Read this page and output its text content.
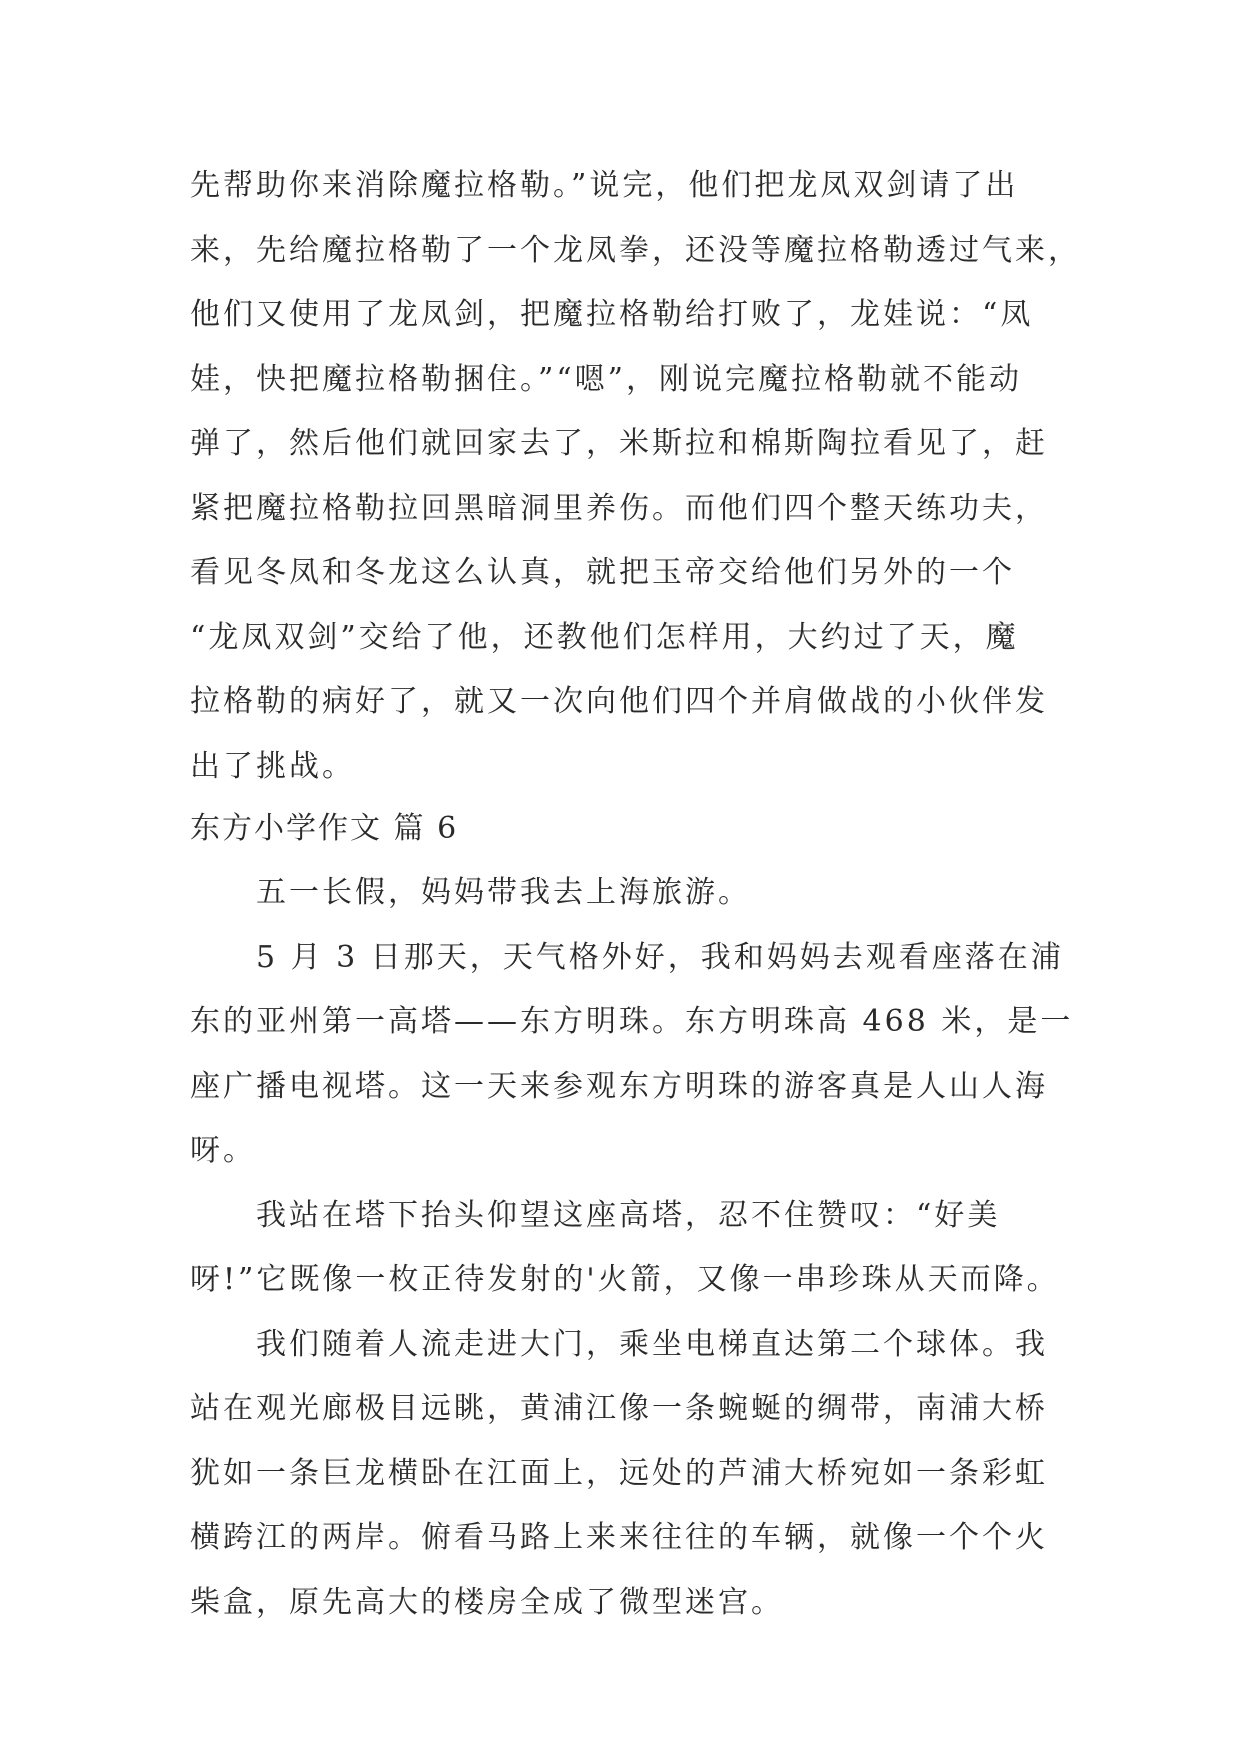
先帮助你来消除魔拉格勒。”说完，他们把龙凤双剑请了出
来，先给魔拉格勒了一个龙凤拳，还没等魔拉格勒透过气来，
他们又使用了龙凤剑，把魔拉格勒给打败了，龙娃说：“凤
娃，快把魔拉格勒捆住。”“嗯”，刚说完魔拉格勒就不能动
弹了，然后他们就回家去了，米斯拉和棉斯陶拉看见了，赶
紧把魔拉格勒拉回黑暗洞里养伤。而他们四个整天练功夫，
看见冬凤和冬龙这么认真，就把玉帝交给他们另外的一个
“龙凤双剑”交给了他，还教他们怎样用，大约过了天，魔
拉格勒的病好了，就又一次向他们四个并肩做战的小伙伴发
出了挑战。
东方小学作文 篇 6
　　五一长假，妈妈带我去上海旅游。
　　5 月 3 日那天，天气格外好，我和妈妈去观看座落在浦
东的亚州第一高塔——东方明珠。东方明珠高 468 米，是一
座广播电视塔。这一天来参观东方明珠的游客真是人山人海
呀。
　　我站在塔下抬头仰望这座高塔，忍不住赞叹：“好美
呀!”它既像一枚正待发射的'火箭，又像一串珍珠从天而降。
　　我们随着人流走进大门，乘坐电梯直达第二个球体。我
站在观光廊极目远眺，黄浦江像一条蜿蜒的绸带，南浦大桥
犹如一条巨龙横卧在江面上，远处的芦浦大桥宛如一条彩虹
横跨江的两岸。俯看马路上来来往往的车辆，就像一个个火
柴盒，原先高大的楼房全成了微型迷宫。
